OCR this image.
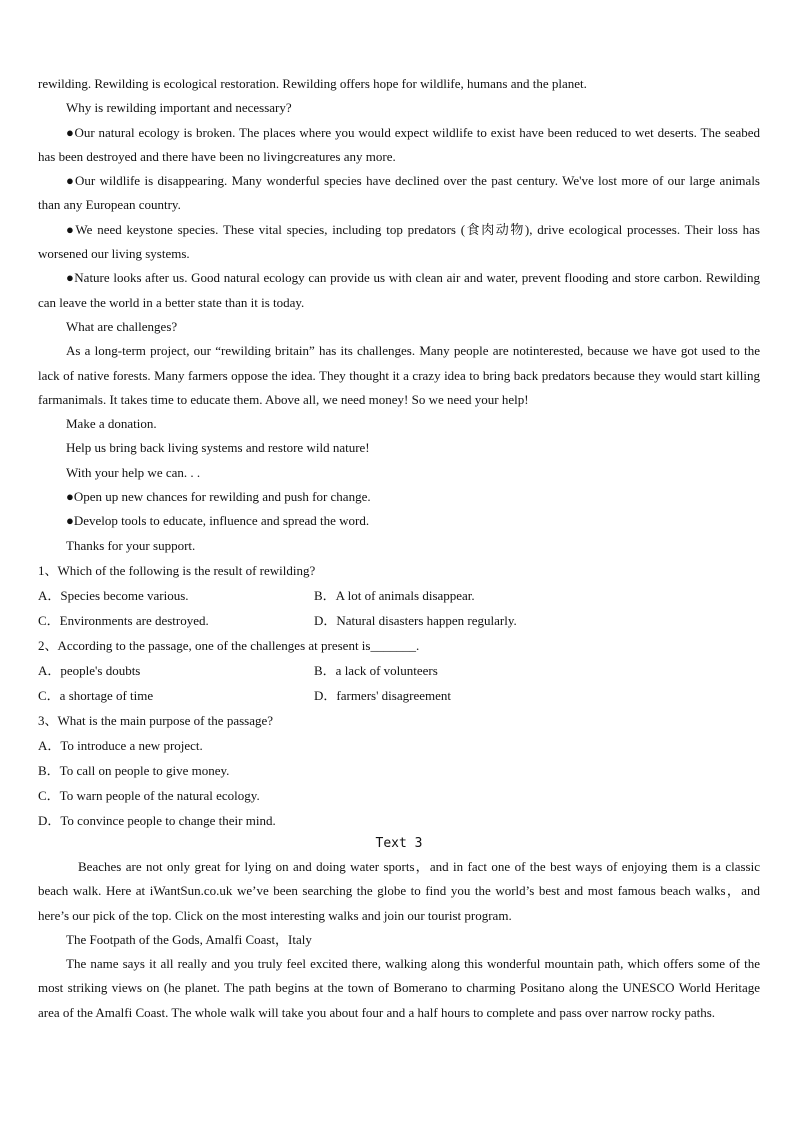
rewilding. Rewilding is ecological restoration. Rewilding offers hope for wildlife, humans and the planet.

Why is rewilding important and necessary?

●Our natural ecology is broken. The places where you would expect wildlife to exist have been reduced to wet deserts. The seabed has been destroyed and there have been no livingcreatures any more.

●Our wildlife is disappearing. Many wonderful species have declined over the past century. We've lost more of our large animals than any European country.

●We need keystone species. These vital species, including top predators (食肉动物), drive ecological processes. Their loss has worsened our living systems.

●Nature looks after us. Good natural ecology can provide us with clean air and water, prevent flooding and store carbon. Rewilding can leave the world in a better state than it is today.

What are challenges?

As a long-term project, our “rewilding britain” has its challenges. Many people are notinterested, because we have got used to the lack of native forests. Many farmers oppose the idea. They thought it a crazy idea to bring back predators because they would start killing farmanimals. It takes time to educate them. Above all, we need money! So we need your help!

Make a donation.

Help us bring back living systems and restore wild nature!

With your help we can. . .

●Open up new chances for rewilding and push for change.

●Develop tools to educate, influence and spread the word.

Thanks for your support.

1、Which of the following is the result of rewilding?

A．Species become various.	B．A lot of animals disappear.
C．Environments are destroyed.	D．Natural disasters happen regularly.

2、According to the passage, one of the challenges at present is_______.

A．people's doubts	B．a lack of volunteers
C．a shortage of time	D．farmers' disagreement

3、What is the main purpose of the passage?

A．To introduce a new project.
B．To call on people to give money.
C．To warn people of the natural ecology.
D．To convince people to change their mind.
Text 3

Beaches are not only great for lying on and doing water sports，and in fact one of the best ways of enjoying them is a classic beach walk. Here at iWantSun.co.uk we’ve been searching the globe to find you the world’s best and most famous beach walks，and here’s our pick of the top. Click on the most interesting walks and join our tourist program.

The Footpath of the Gods, Amalfi Coast，Italy

The name says it all really and you truly feel excited there, walking along this wonderful mountain path, which offers some of the most striking views on (he planet. The path begins at the town of Bomerano to charming Positano along the UNESCO World Heritage area of the Amalfi Coast. The whole walk will take you about four and a half hours to complete and pass over narrow rocky paths.
